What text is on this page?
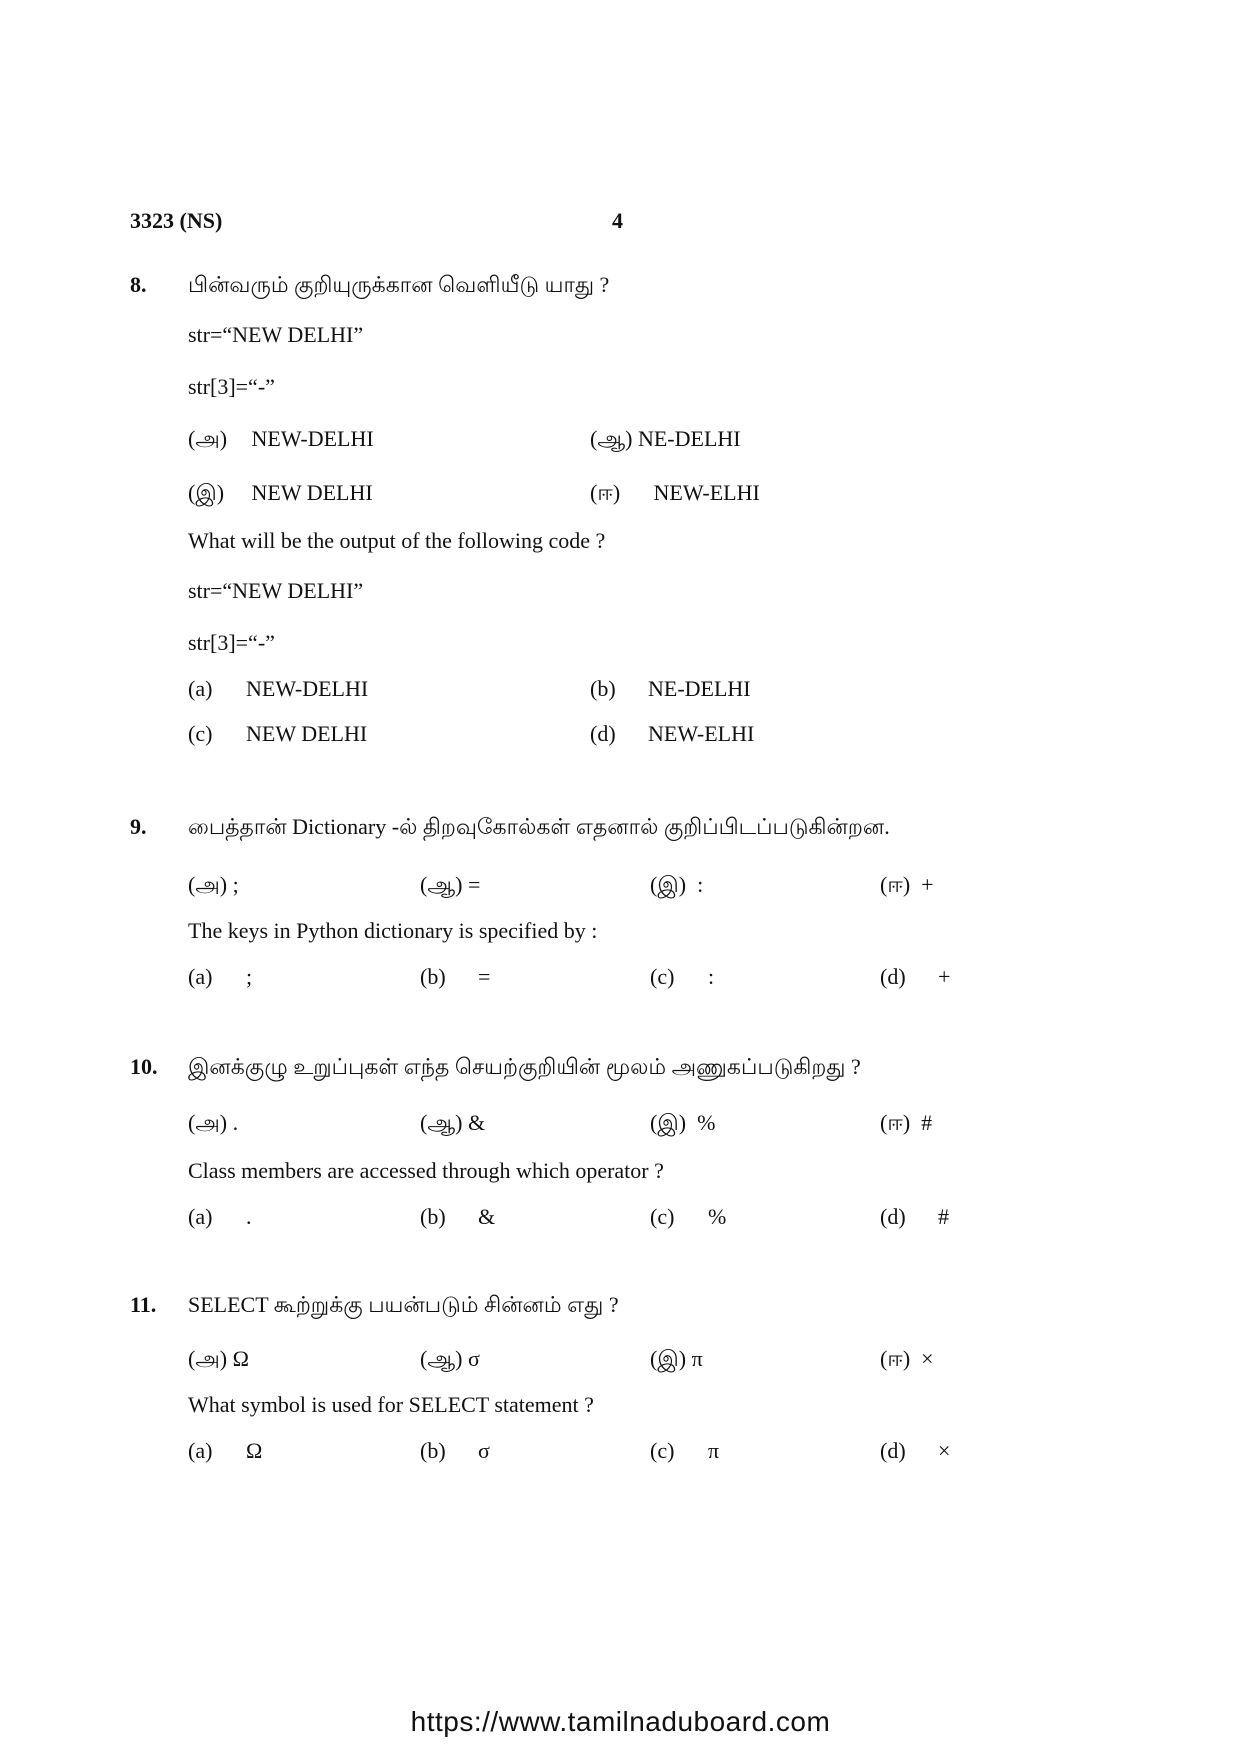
3323 (NS)	4
8. பின்வரும் குறியுருக்கான வெளியீடு யாது ?
str=“NEW DELHI”
str[3]=“-”
(அ) NEW-DELHI	(ஆ) NE-DELHI
(இ) NEW DELHI	(ஈ) NEW-ELHI
What will be the output of the following code ?
str=“NEW DELHI”
str[3]=“-”
(a) NEW-DELHI	(b) NE-DELHI
(c) NEW DELHI	(d) NEW-ELHI
9. பைத்தான் Dictionary -ல் திறவுகோல்கள் எதனால் குறிப்பிடப்படுகின்றன.
(அ) ;	(ஆ) =	(இ) :	(ஈ) +
The keys in Python dictionary is specified by :
(a) ;	(b) =	(c) :	(d) +
10. இனக்குழு உறுப்புகள் எந்த செயற்குறியின் மூலம் அணுகப்படுகிறது ?
(அ) .	(ஆ) &	(இ) %	(ஈ) #
Class members are accessed through which operator ?
(a) .	(b) &	(c) %	(d) #
11. SELECT கூற்றுக்கு பயன்படும் சின்னம் எது ?
(அ) Ω	(ஆ) σ	(இ) π	(ஈ) ×
What symbol is used for SELECT statement ?
(a) Ω	(b) σ	(c) π	(d) ×
https://www.tamilnaduboard.com
